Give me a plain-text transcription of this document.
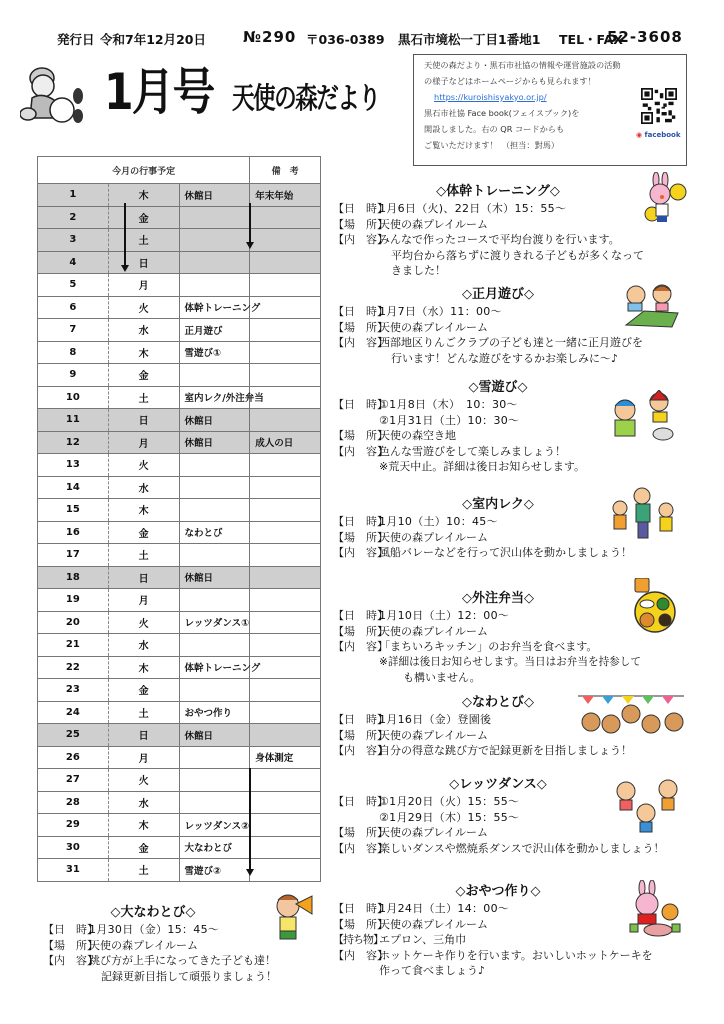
発行日 令和7年12月20日 №290 〒036-0389 黒石市境松一丁目1番地1 TEL・FAX
52-3608
1月号 天使の森だより
天使の森だより・黒石市社協の情報や運営施設の活動
の様子などはホームページからも見られます！
https://kuroishisyakyo.or.jp/
黒石市社協 Face book(フェイスブック)を
開設しました。右の QR コードからも
ご覧いただけます！　（担当：對馬）
◉ facebook
今月の行事予定			備　考
1	木	休館日	年末年始
2	金		
3	土		
4	日		
5	月		
6	火	体幹トレーニング	
7	水	正月遊び	
8	木	雪遊び①	
9	金		
10	土	室内レク/外注弁当	
11	日	休館日	
12	月	休館日	成人の日
13	火		
14	水		
15	木		
16	金	なわとび	
17	土		
18	日	休館日	
19	月		
20	火	レッツダンス①	
21	水		
22	木	体幹トレーニング	
23	金		
24	土	おやつ作り	
25	日	休館日	
26	月		身体測定
27	火		
28	水		
29	木	レッツダンス②	
30	金	大なわとび	
31	土	雪遊び②	
◇大なわとび◇
【日　時】
1月30日（金）15：45～
【場　所】
天使の森プレイルーム
【内　容】
跳び方が上手になってきた子ども達！
記録更新目指して頑張りましょう！
◇体幹トレーニング◇
【日　時】
1月6日（火)、22日（木）15：55～
【場　所】
天使の森プレイルーム
【内　容】
みんなで作ったコースで平均台渡りを行います。
平均台から落ちずに渡りきれる子どもが多くなって
きました！
◇正月遊び◇
【日　時】
1月7日（水）11：00～
【場　所】
天使の森プレイルーム
【内　容】
西部地区りんごクラブの子ども達と一緒に正月遊びを
行います！どんな遊びをするかお楽しみに～♪
◇雪遊び◇
【日　時】
①1月8日（木）　10：30～
②1月31日（土）10：30～
【場　所】
天使の森空き地
【内　容】
色んな雪遊びをして楽しみましょう！
※荒天中止。詳細は後日お知らせします。
◇室内レク◇
【日　時】
1月10（土）10：45～
【場　所】
天使の森プレイルーム
【内　容】
風船バレーなどを行って沢山体を動かしましょう！
◇外注弁当◇
【日　時】
1月10日（土）12：00～
【場　所】
天使の森プレイルーム
【内　容】
「まちいろキッチン」のお弁当を食べます。
※詳細は後日お知らせします。当日はお弁当を持参して
も構いません。
◇なわとび◇
【日　時】
1月16日（金）登園後
【場　所】
天使の森プレイルーム
【内　容】
自分の得意な跳び方で記録更新を目指しましょう！
◇レッツダンス◇
【日　時】
①1月20日（火）15：55～
②1月29日（木）15：55～
【場　所】
天使の森プレイルーム
【内　容】
楽しいダンスや燃焼系ダンスで沢山体を動かしましょう！
◇おやつ作り◇
【日　時】
1月24日（土）14：00～
【場　所】
天使の森プレイルーム
【持ち物】
エプロン、三角巾
【内　容】
ホットケーキ作りを行います。おいしいホットケーキを
作って食べましょう♪
